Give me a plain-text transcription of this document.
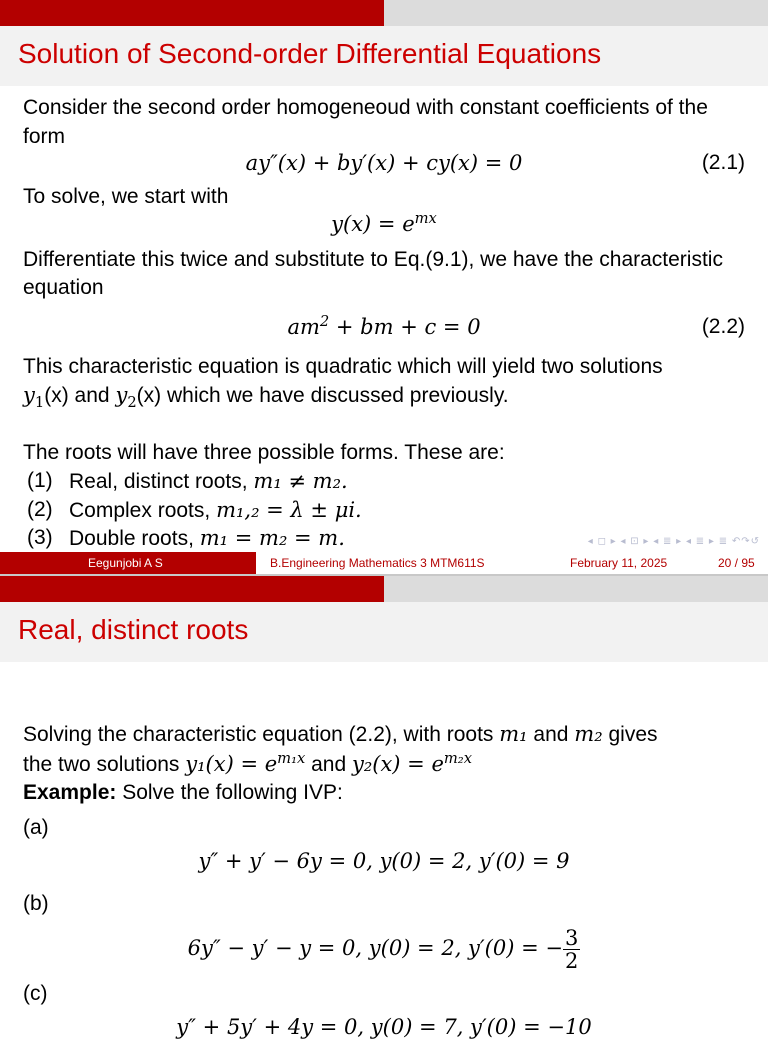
Solution of Second-order Differential Equations

Consider the second order homogeneoud with constant coefficients of the form

ay″(x) + by′(x) + cy(x) = 0	(2.1)

To solve, we start with

$y(x) = e^{mx}$

Differentiate this twice and substitute to Eq.(9.1), we have the characteristic equation

$am^2$ + bm + c = 0	(2.2)

This characteristic equation is quadratic which will yield two solutions

$y_1(x)$ and $y_2(x)$ which we have discussed previously.

The roots will have three possible forms. These are:

(1) Real, distinct roots, m₁ ≠ m₂.
(2) Complex roots, m₁,₂ = λ ± μi.
(3) Double roots, m₁ = m₂ = m.	◂ ◻ ▸ ◂ ⊡ ▸ ◂ ≣ ▸ ◂ ≣ ▸ ≣ ↶↷↺
Eegunjobi A S	B.Engineering Mathematics 3 MTM611S	February 11, 2025	20 / 95
Real, distinct roots

Solving the characteristic equation (2.2), with roots m₁ and m₂ gives

the two solutions $y_1(x) = e^{m_1x}$ and $y_2(x) = e^{m_2x}$

Example: Solve the following IVP:

(a)
y″ + y′ − 6y = 0, y(0) = 2, y′(0) = 9
(b)
6y″ − y′ − y = 0, y(0) = 2, y′(0) = − $\frac{3}{2}$
(c)
y″ + 5y′ + 4y = 0, y(0) = 7, y′(0) = −10
